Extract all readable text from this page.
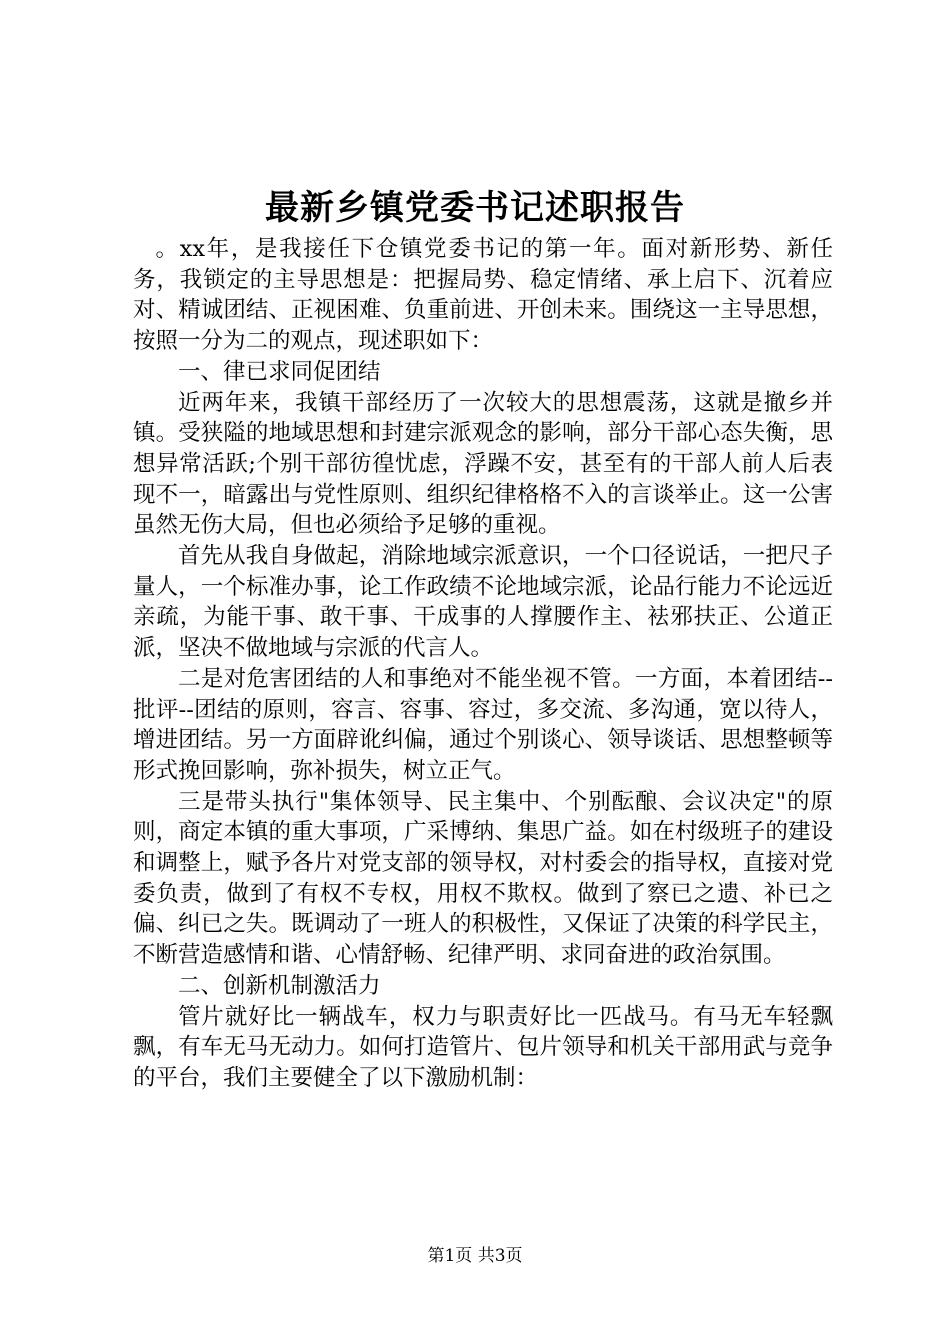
最新乡镇党委书记述职报告

。xx年，是我接任下仓镇党委书记的第一年。面对新形势、新任务，我锁定的主导思想是：把握局势、稳定情绪、承上启下、沉着应对、精诚团结、正视困难、负重前进、开创未来。围绕这一主导思想，按照一分为二的观点，现述职如下：

一、律已求同促团结

近两年来，我镇干部经历了一次较大的思想震荡，这就是撤乡并镇。受狭隘的地域思想和封建宗派观念的影响，部分干部心态失衡，思想异常活跃;个别干部彷徨忧虑，浮躁不安，甚至有的干部人前人后表现不一，暗露出与党性原则、组织纪律格格不入的言谈举止。这一公害虽然无伤大局，但也必须给予足够的重视。

首先从我自身做起，消除地域宗派意识，一个口径说话，一把尺子量人，一个标准办事，论工作政绩不论地域宗派，论品行能力不论远近亲疏，为能干事、敢干事、干成事的人撑腰作主、袪邪扶正、公道正派，坚决不做地域与宗派的代言人。

二是对危害团结的人和事绝对不能坐视不管。一方面，本着团结--批评--团结的原则，容言、容事、容过，多交流、多沟通，宽以待人，增进团结。另一方面辟讹纠偏，通过个别谈心、领导谈话、思想整顿等形式挽回影响，弥补损失，树立正气。

三是带头执行"集体领导、民主集中、个别酝酿、会议决定"的原则，商定本镇的重大事项，广采博纳、集思广益。如在村级班子的建设和调整上，赋予各片对党支部的领导权，对村委会的指导权，直接对党委负责，做到了有权不专权，用权不欺权。做到了察已之遗、补已之偏、纠已之失。既调动了一班人的积极性，又保证了决策的科学民主，不断营造感情和谐、心情舒畅、纪律严明、求同奋进的政治氛围。

二、创新机制激活力

管片就好比一辆战车，权力与职责好比一匹战马。有马无车轻飘飘，有车无马无动力。如何打造管片、包片领导和机关干部用武与竞争的平台，我们主要健全了以下激励机制：

第1页 共3页
